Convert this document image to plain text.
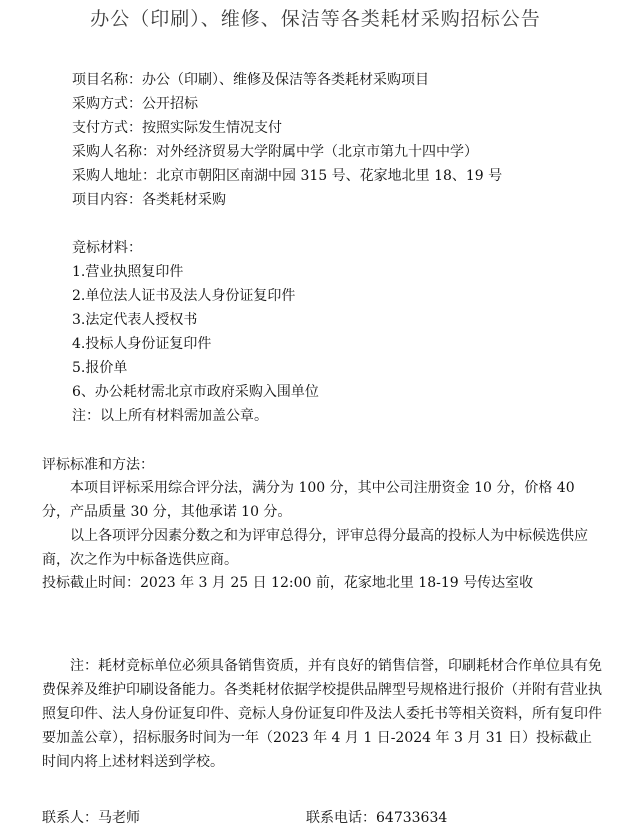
办公（印刷）、维修、保洁等各类耗材采购招标公告
项目名称：办公（印刷）、维修及保洁等各类耗材采购项目
采购方式：公开招标
支付方式：按照实际发生情况支付
采购人名称：对外经济贸易大学附属中学（北京市第九十四中学）
采购人地址：北京市朝阳区南湖中园 315 号、花家地北里 18、19 号
项目内容：各类耗材采购
竞标材料：
1.营业执照复印件
2.单位法人证书及法人身份证复印件
3.法定代表人授权书
4.投标人身份证复印件
5.报价单
6、办公耗材需北京市政府采购入围单位
注：以上所有材料需加盖公章。
评标标准和方法：
本项目评标采用综合评分法，满分为 100 分，其中公司注册资金 10 分，价格 40 分，产品质量 30 分，其他承诺 10 分。
以上各项评分因素分数之和为评审总得分，评审总得分最高的投标人为中标候选供应商，次之作为中标备选供应商。
投标截止时间：2023 年 3 月 25 日 12:00 前，花家地北里 18-19 号传达室收
注：耗材竞标单位必须具备销售资质，并有良好的销售信誉，印刷耗材合作单位具有免费保养及维护印刷设备能力。各类耗材依据学校提供品牌型号规格进行报价（并附有营业执照复印件、法人身份证复印件、竞标人身份证复印件及法人委托书等相关资料，所有复印件要加盖公章），招标服务时间为一年（2023 年 4 月 1 日-2024 年 3 月 31 日）投标截止时间内将上述材料送到学校。
联系人：马老师	联系电话：64733634
